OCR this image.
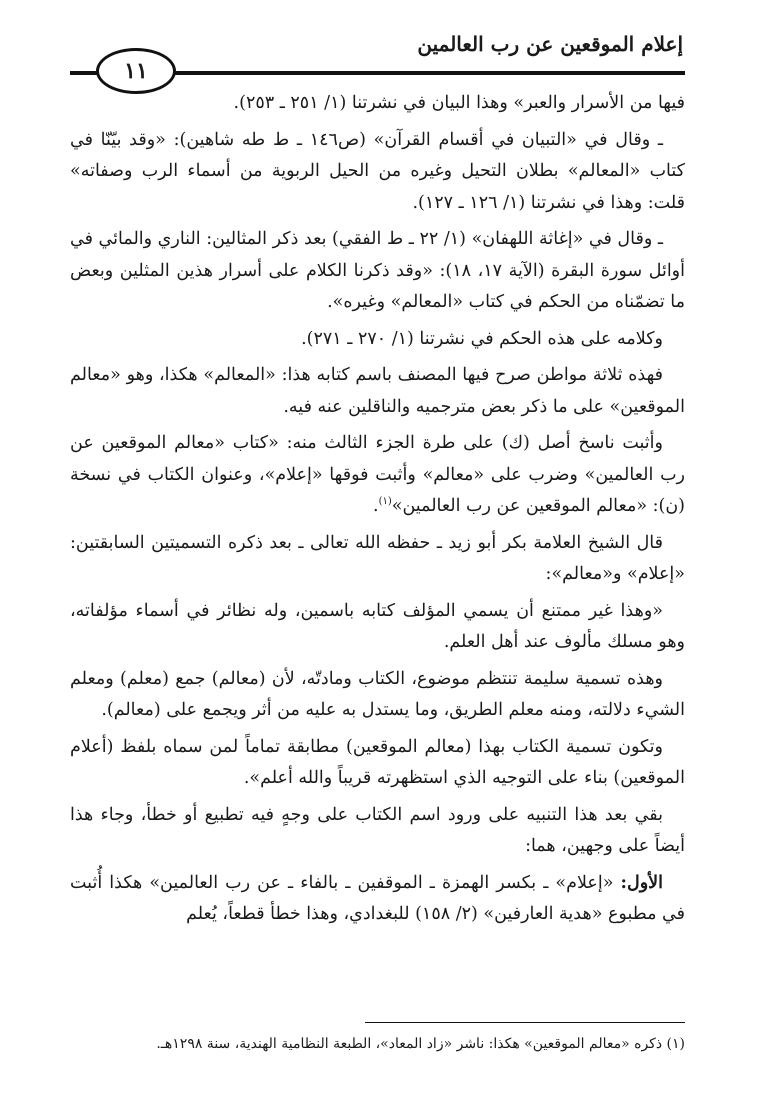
إعلام الموقعين عن رب العالمين
١١

فيها من الأسرار والعبر» وهذا البيان في نشرتنا (١/ ٢٥١ ـ ٢٥٣).

ـ وقال في «التبيان في أقسام القرآن» (ص١٤٦ ـ ط طه شاهين): «وقد بيّنّا في كتاب «المعالم» بطلان التحيل وغيره من الحيل الربوية من أسماء الرب وصفاته» قلت: وهذا في نشرتنا (١/ ١٢٦ ـ ١٢٧).

ـ وقال في «إغاثة اللهفان» (١/ ٢٢ ـ ط الفقي) بعد ذكر المثالين: الناري والمائي في أوائل سورة البقرة (الآية ١٧، ١٨): «وقد ذكرنا الكلام على أسرار هذين المثلين وبعض ما تضمّناه من الحكم في كتاب «المعالم» وغيره».

وكلامه على هذه الحكم في نشرتنا (١/ ٢٧٠ ـ ٢٧١).

فهذه ثلاثة مواطن صرح فيها المصنف باسم كتابه هذا: «المعالم» هكذا، وهو «معالم الموقعين» على ما ذكر بعض مترجميه والناقلين عنه فيه.

وأثبت ناسخ أصل (ك) على طرة الجزء الثالث منه: «كتاب «معالم الموقعين عن رب العالمين» وضرب على «معالم» وأثبت فوقها «إعلام»، وعنوان الكتاب في نسخة (ن): «معالم الموقعين عن رب العالمين»$^{(١)}$.

قال الشيخ العلامة بكر أبو زيد ـ حفظه الله تعالى ـ بعد ذكره التسميتين السابقتين: «إعلام» و«معالم»:

«وهذا غير ممتنع أن يسمي المؤلف كتابه باسمين، وله نظائر في أسماء مؤلفاته، وهو مسلك مألوف عند أهل العلم.

وهذه تسمية سليمة تنتظم موضوع، الكتاب ومادتّه، لأن (معالم) جمع (معلم) ومعلم الشيء دلالته، ومنه معلم الطريق، وما يستدل به عليه من أثر ويجمع على (معالم).

وتكون تسمية الكتاب بهذا (معالم الموقعين) مطابقة تماماً لمن سماه بلفظ (أعلام الموقعين) بناء على التوجيه الذي استظهرته قريباً والله أعلم».

بقي بعد هذا التنبيه على ورود اسم الكتاب على وجهٍ فيه تطبيع أو خطأ، وجاء هذا أيضاً على وجهين، هما:

الأول: «إعلام» ـ بكسر الهمزة ـ الموقفين ـ بالفاء ـ عن رب العالمين» هكذا أُثبت في مطبوع «هدية العارفين» (٢/ ١٥٨) للبغدادي، وهذا خطأ قطعاً، يُعلم

(١) ذكره «معالم الموقعين» هكذا: ناشر «زاد المعاد»، الطبعة النظامية الهندية، سنة ١٢٩٨هـ.
